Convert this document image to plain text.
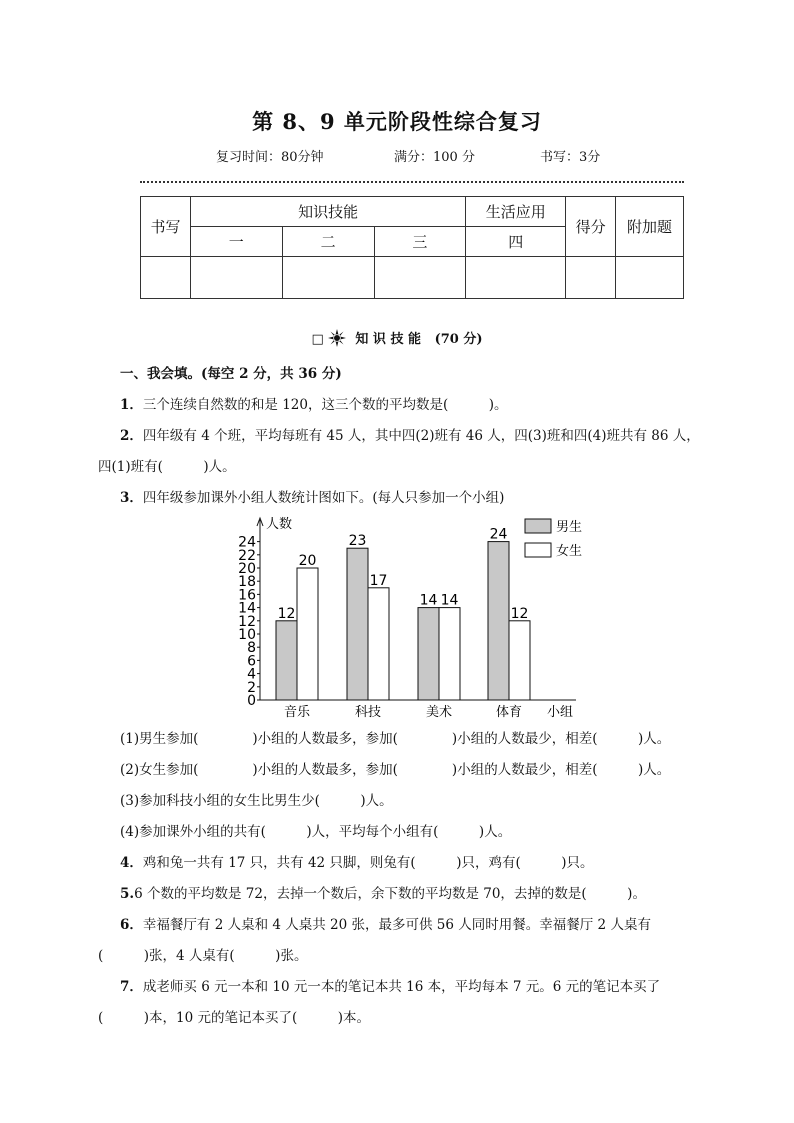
第 8、9 单元阶段性综合复习
复习时间：80分钟	满分：100 分	书写：3分
书写	知识技能			生活应用	得分	附加题
	一	二	三	四		

□ 知 识 技 能 (70 分)
一、我会填。(每空 2 分，共 36 分)
1．三个连续自然数的和是 120，这三个数的平均数是(　　　)。
2．四年级有 4 个班，平均每班有 45 人，其中四(2)班有 46 人，四(3)班和四(4)班共有 86 人，
四(1)班有(　　　)人。
3．四年级参加课外小组人数统计图如下。(每人只参加一个小组)
人数
0
2
4
6
8
10
12
14
16
18
20
22
24
12
20
音乐
23
17
科技
14 14
美术
24
12
体育 小组
男生
女生
(1)男生参加(　　　　)小组的人数最多，参加(　　　　)小组的人数最少，相差(　　　)人。
(2)女生参加(　　　　)小组的人数最多，参加(　　　　)小组的人数最少，相差(　　　)人。
(3)参加科技小组的女生比男生少(　　　)人。
(4)参加课外小组的共有(　　　)人，平均每个小组有(　　　)人。
4．鸡和兔一共有 17 只，共有 42 只脚，则兔有(　　　)只，鸡有(　　　)只。
5.6 个数的平均数是 72，去掉一个数后，余下数的平均数是 70，去掉的数是(　　　)。
6．幸福餐厅有 2 人桌和 4 人桌共 20 张，最多可供 56 人同时用餐。幸福餐厅 2 人桌有
(　　　)张，4 人桌有(　　　)张。
7．成老师买 6 元一本和 10 元一本的笔记本共 16 本，平均每本 7 元。6 元的笔记本买了
(　　　)本，10 元的笔记本买了(　　　)本。
